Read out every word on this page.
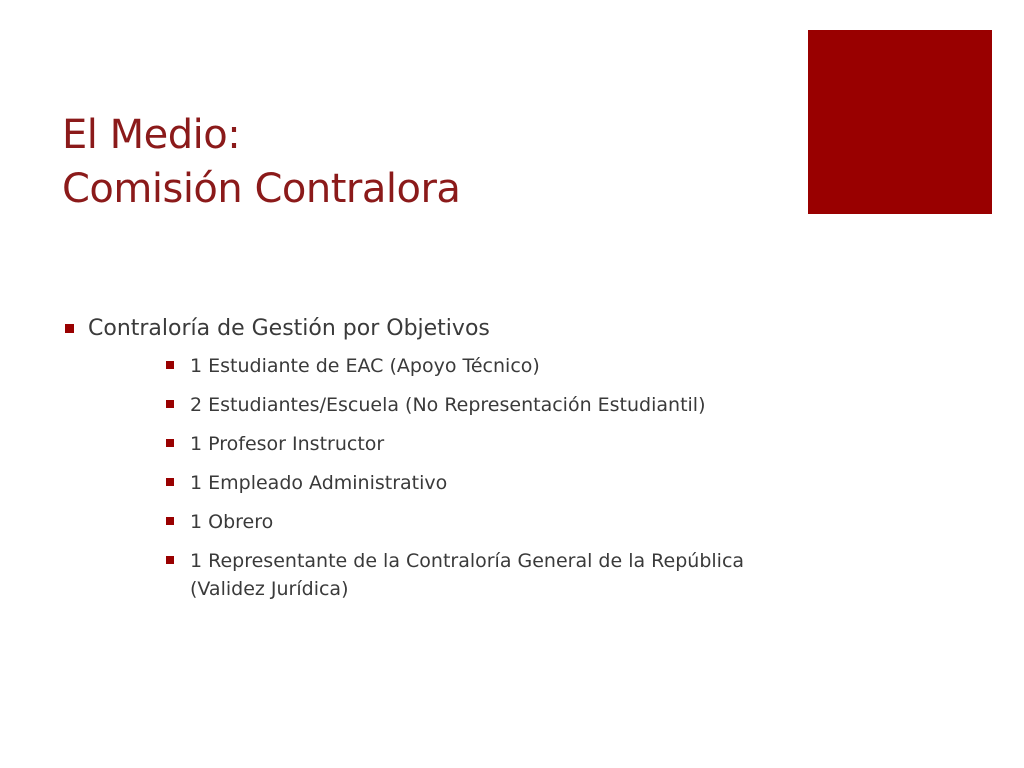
El Medio:
Comisión Contralora
Contraloría de Gestión por Objetivos
1 Estudiante de EAC (Apoyo Técnico)
2 Estudiantes/Escuela (No Representación Estudiantil)
1 Profesor Instructor
1 Empleado Administrativo
1 Obrero
1 Representante de la Contraloría General de la República (Validez Jurídica)
